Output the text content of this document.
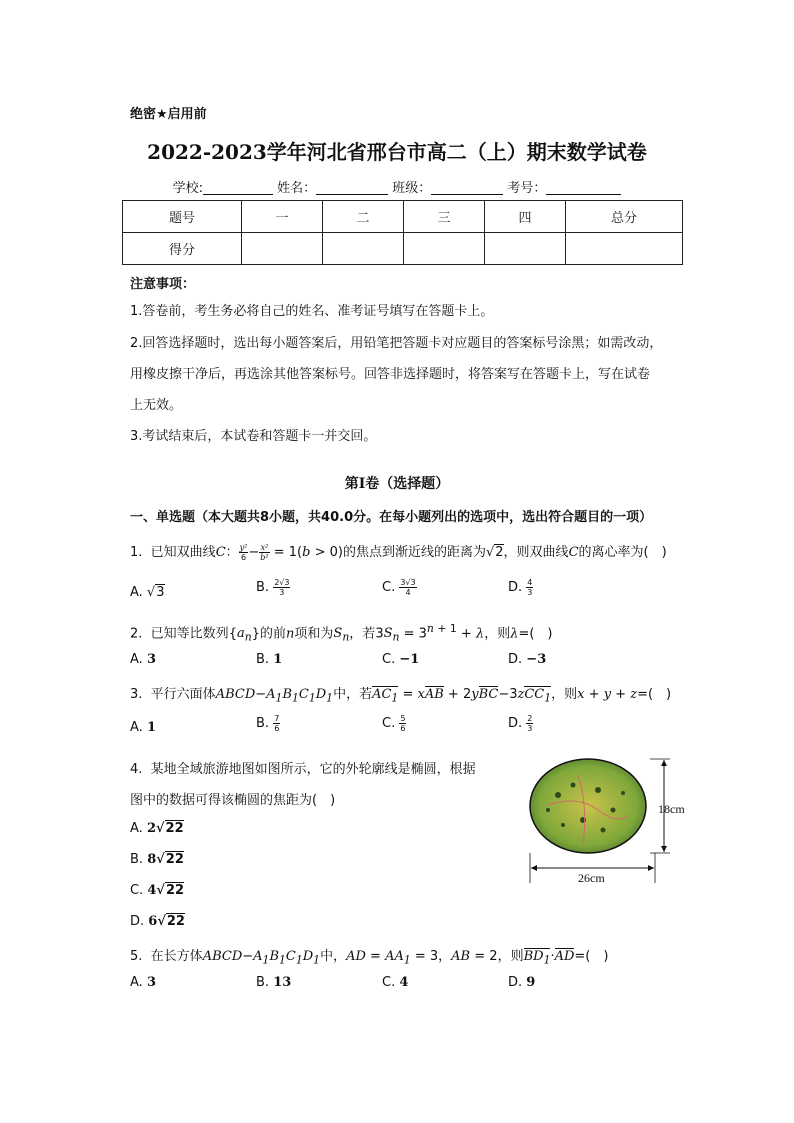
绝密★启用前
2022-2023学年河北省邢台市高二（上）期末数学试卷
学校:	姓名：	班级：	考号：
题号	一	二	三	四	总分
得分					
注意事项：
1.答卷前，考生务必将自己的姓名、准考证号填写在答题卡上。
2.回答选择题时，选出每小题答案后，用铅笔把答题卡对应题目的答案标号涂黑；如需改动，
用橡皮擦干净后，再选涂其他答案标号。回答非选择题时，将答案写在答题卡上，写在试卷
上无效。
3.考试结束后，本试卷和答题卡一并交回。
第Ⅰ卷（选择题）
一、单选题（本大题共8小题，共40.0分。在每小题列出的选项中，选出符合题目的一项）
1. 已知双曲线C： $\frac{\text{y²}}{6} - \frac{\text{x²}}{\text{b²}} = 1(b > 0)$的焦点到渐近线的距离为√2，则双曲线C的离心率为(　)
A. √3	B. $\frac{2√3}{3}$	C. $\frac{3√3}{4}$	D. $\frac{4}{3}$
2. 已知等比数列$\{a_n\}$的前n项和为$S_n$，若$3S_n = 3^{n + 1} + \lambda$，则λ=(　)
A. 3	B. 1	C. −1	D. −3
3. 平行六面体$ABCD-A_1B_1C_1D_1$中，若$AC_1$ = xAB + 2yBC−3zCC$_1$，则x + y + z=(　)
A. 1	B. $\frac{7}{6}$	C. $\frac{5}{6}$	D. $\frac{2}{3}$
4. 某地全域旅游地图如图所示，它的外轮廓线是椭圆，根据
图中的数据可得该椭圆的焦距为(　)
A. 2√22
B. 8√22
C. 4√22
D. 6√22
18cm
26cm
5. 在长方体$ABCD-A_1B_1C_1D_1$中，AD = $AA_1 = 3$，AB = 2，则$BD_1\cdot AD=$(　)
A. 3	B. 13	C. 4	D. 9
